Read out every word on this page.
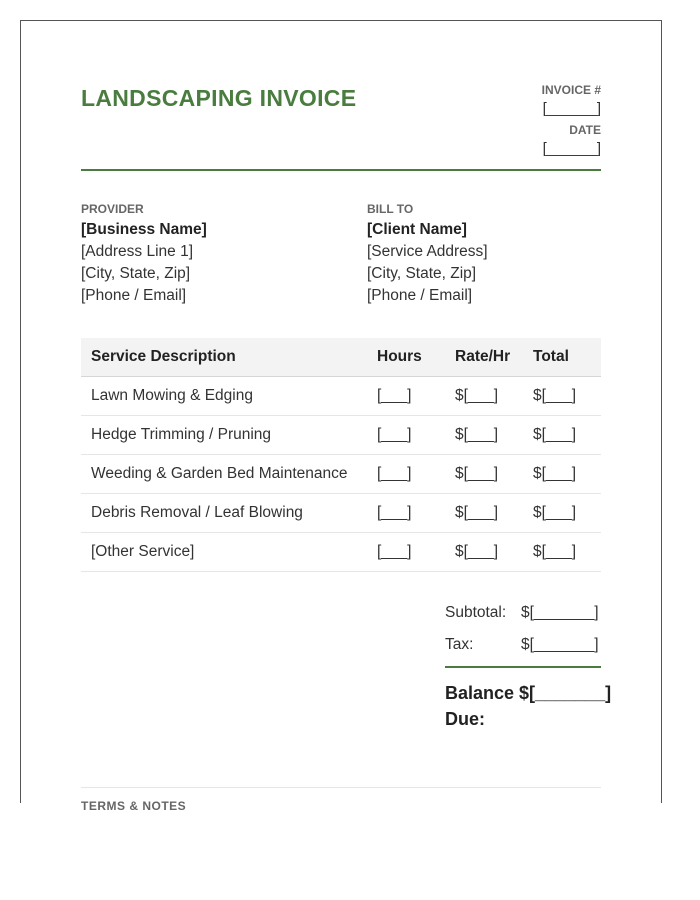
LANDSCAPING INVOICE	INVOICE #
[______]
DATE
[______]
PROVIDER
[Business Name]
[Address Line 1]
[City, State, Zip]
[Phone / Email]
BILL TO
[Client Name]
[Service Address]
[City, State, Zip]
[Phone / Email]
Service Description	Hours	Rate/Hr	Total
Lawn Mowing & Edging	[___]	$[___]	$[___]
Hedge Trimming / Pruning	[___]	$[___]	$[___]
Weeding & Garden Bed Maintenance	[___]	$[___]	$[___]
Debris Removal / Leaf Blowing	[___]	$[___]	$[___]
[Other Service]	[___]	$[___]	$[___]
Subtotal: $[_______]
Tax:	$[_______]
Balance Due:
$[_______]
TERMS & NOTES
